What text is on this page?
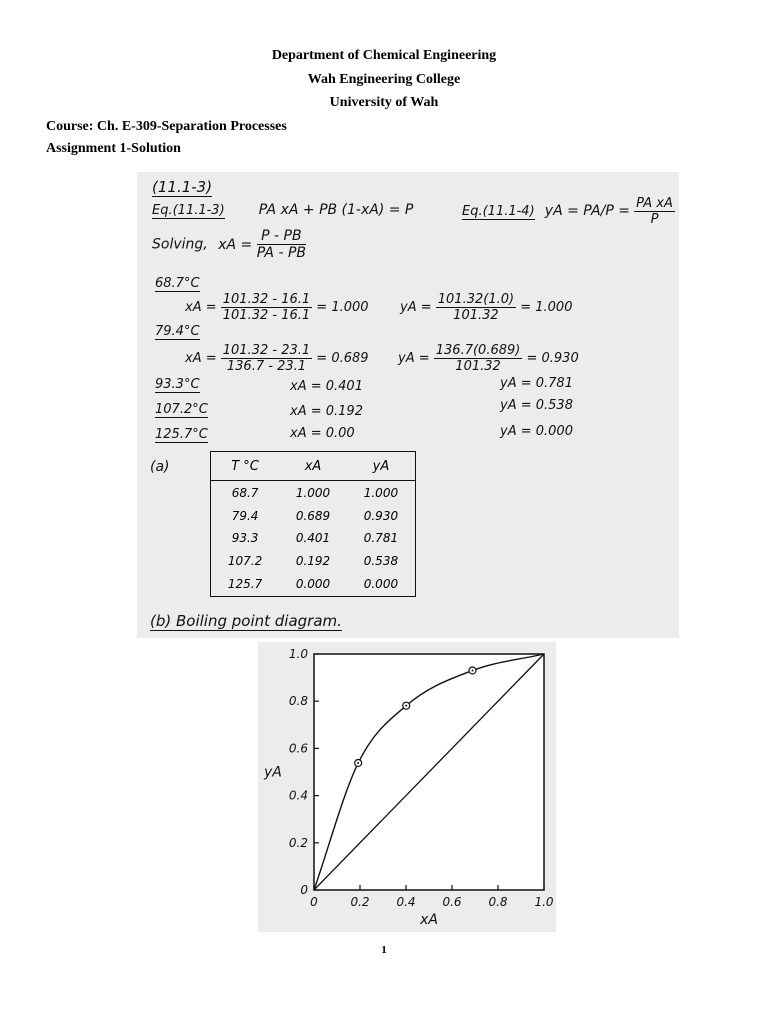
Department of Chemical Engineering
Wah Engineering College
University of Wah
Course: Ch. E-309-Separation Processes
Assignment 1-Solution
(11.1-3)
Eq.(11.1-3) PA xA + PB (1-xA) = P	Eq.(11.1-4) yA = $PA/P = \frac{\text{PA xA}}{P}$
Solving, xA = $\frac{P - PB}{PA - PB}$
68.7°C
xA = $\frac{101.32 - 16.1}{101.32 - 16.1} = 1.000$ yA = $\frac{101.32(1.0)}{101.32} = 1.000$
79.4°C
xA = $\frac{101.32 - 23.1}{136.7 - 23.1} = 0.689$ yA = $\frac{136.7(0.689)}{101.32} = 0.930$
93.3°C	xA = 0.401	yA = 0.781
107.2°C	xA = 0.192	yA = 0.538
125.7°C	xA = 0.00	yA = 0.000
(a)	T °C	xA	yA
68.7	1.000	1.000
79.4	0.689	0.930
93.3	0.401	0.781
107.2	0.192	0.538
125.7	0.000	0.000
(b) Boiling point diagram.
0	0.2 0.4 0.6 0.8 1.0
0
0.2
0.4
0.6
0.8
1.0
xA
yA
1
